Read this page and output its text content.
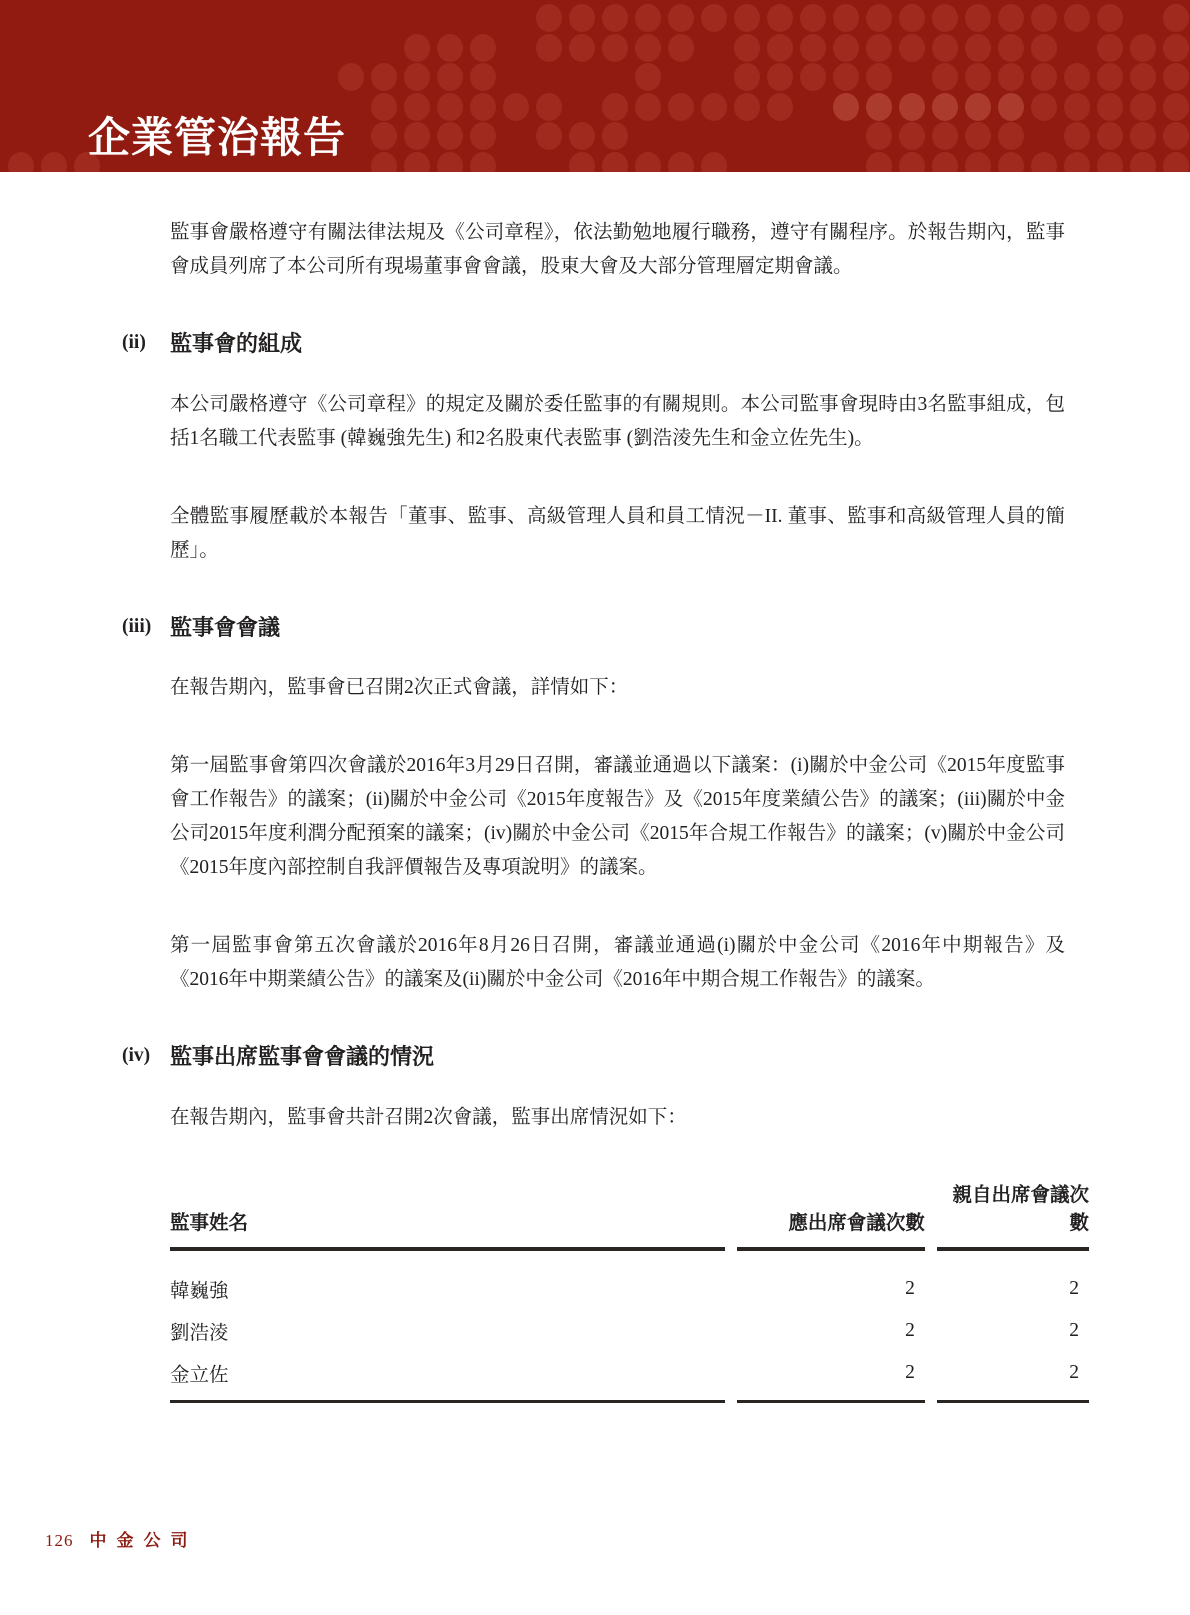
企業管治報告

監事會嚴格遵守有關法律法規及《公司章程》，依法勤勉地履行職務，遵守有關程序。於報告期內，監事會成員列席了本公司所有現場董事會會議，股東大會及大部分管理層定期會議。

(ii) 監事會的組成

本公司嚴格遵守《公司章程》的規定及關於委任監事的有關規則。本公司監事會現時由3名監事組成，包括1名職工代表監事 (韓巍強先生) 和2名股東代表監事 (劉浩淩先生和金立佐先生)。

全體監事履歷載於本報告「董事、監事、高級管理人員和員工情況－II. 董事、監事和高級管理人員的簡歷」。

(iii) 監事會會議

在報告期內，監事會已召開2次正式會議，詳情如下：

第一屆監事會第四次會議於2016年3月29日召開，審議並通過以下議案：(i)關於中金公司《2015年度監事會工作報告》的議案；(ii)關於中金公司《2015年度報告》及《2015年度業績公告》的議案；(iii)關於中金公司2015年度利潤分配預案的議案；(iv)關於中金公司《2015年合規工作報告》的議案；(v)關於中金公司《2015年度內部控制自我評價報告及專項說明》的議案。

第一屆監事會第五次會議於2016年8月26日召開，審議並通過(i)關於中金公司《2016年中期報告》及《2016年中期業績公告》的議案及(ii)關於中金公司《2016年中期合規工作報告》的議案。

(iv) 監事出席監事會會議的情況

在報告期內，監事會共計召開2次會議，監事出席情況如下：

監事姓名	應出席會議次數	親自出席會議次數

韓巍強	2	2
劉浩淩	2	2
金立佐	2	2

126 中金公司
